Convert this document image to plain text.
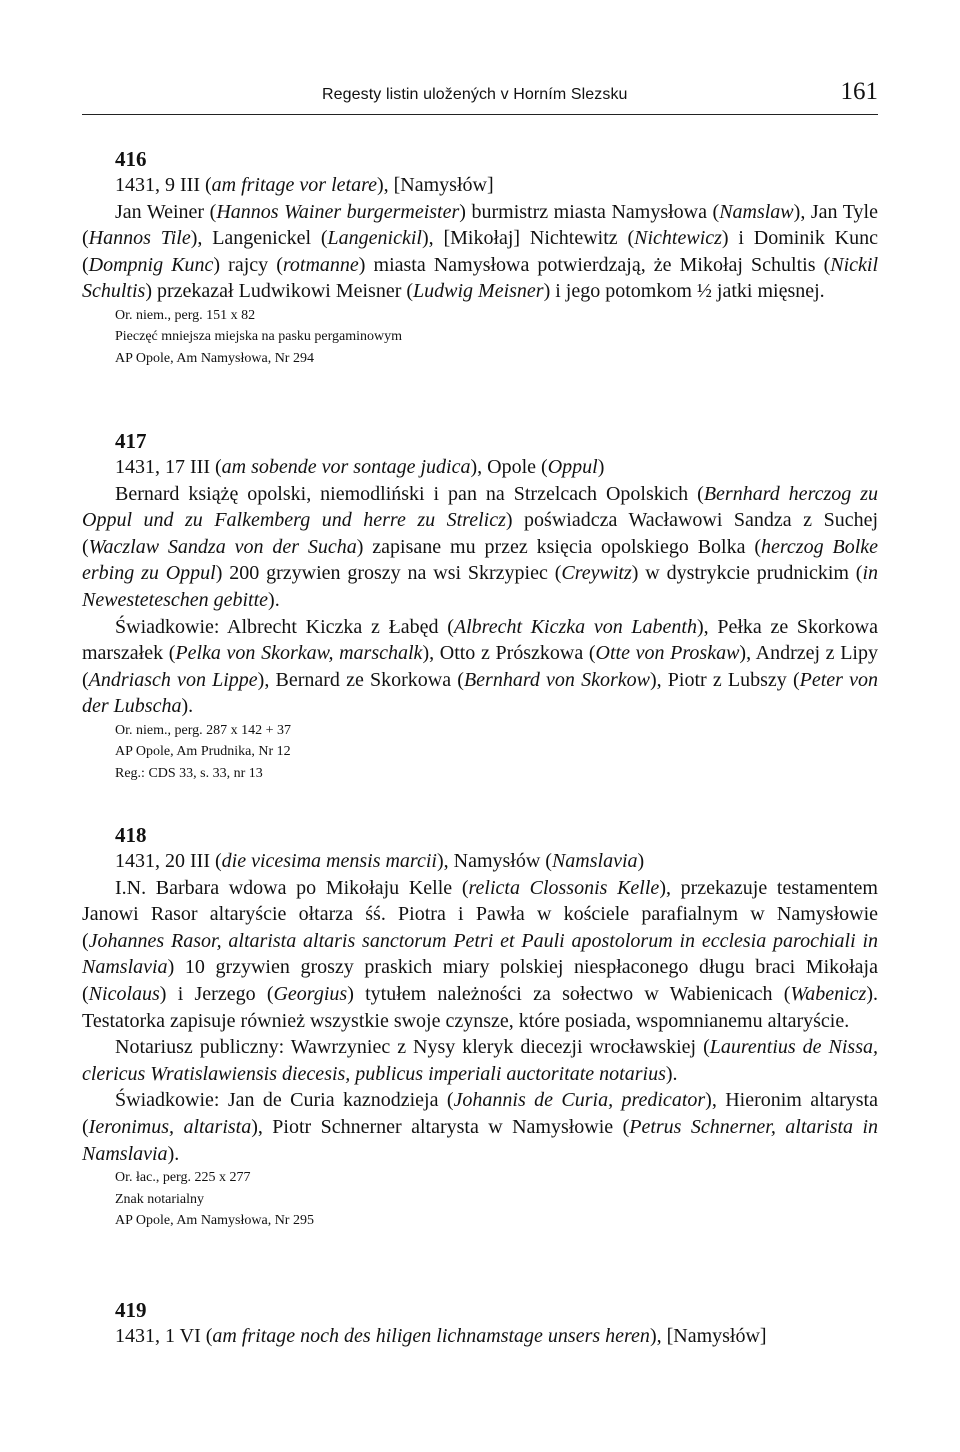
Regesty listin uložených v Horním Slezsku	161
416

1431, 9 III (am fritage vor letare), [Namysłów]

Jan Weiner (Hannos Wainer burgermeister) burmistrz miasta Namysłowa (Namslaw), Jan Tyle (Hannos Tile), Langenickel (Langenickil), [Mikołaj] Nichtewitz (Nichtewicz) i Dominik Kunc (Dompnig Kunc) rajcy (rotmanne) miasta Namysłowa potwierdzają, że Mikołaj Schultis (Nickil Schultis) przekazał Ludwikowi Meisner (Ludwig Meisner) i jego potomkom ½ jatki mięsnej.

Or. niem., perg. 151 x 82
Pieczęć mniejsza miejska na pasku pergaminowym
AP Opole, Am Namysłowa, Nr 294
417

1431, 17 III (am sobende vor sontage judica), Opole (Oppul)

Bernard książę opolski, niemodliński i pan na Strzelcach Opolskich (Bernhard herczog zu Oppul und zu Falkemberg und herre zu Strelicz) poświadcza Wacławowi Sandza z Suchej (Waczlaw Sandza von der Sucha) zapisane mu przez księcia opolskiego Bolka (herczog Bolke erbing zu Oppul) 200 grzywien groszy na wsi Skrzypiec (Creywitz) w dystrykcie prudnickim (in Newesteteschen gebitte).

Świadkowie: Albrecht Kiczka z Łabęd (Albrecht Kiczka von Labenth), Pełka ze Skorkowa marszałek (Pelka von Skorkaw, marschalk), Otto z Prószkowa (Otte von Proskaw), Andrzej z Lipy (Andriasch von Lippe), Bernard ze Skorkowa (Bernhard von Skorkow), Piotr z Lubszy (Peter von der Lubscha).

Or. niem., perg. 287 x 142 + 37
AP Opole, Am Prudnika, Nr 12
Reg.: CDS 33, s. 33, nr 13
418

1431, 20 III (die vicesima mensis marcii), Namysłów (Namslavia)

I.N. Barbara wdowa po Mikołaju Kelle (relicta Clossonis Kelle), przekazuje testamentem Janowi Rasor altaryście ołtarza śś. Piotra i Pawła w kościele parafialnym w Namysłowie (Johannes Rasor, altarista altaris sanctorum Petri et Pauli apostolorum in ecclesia parochiali in Namslavia) 10 grzywien groszy praskich miary polskiej niespłaconego długu braci Mikołaja (Nicolaus) i Jerzego (Georgius) tytułem należności za sołectwo w Wabienicach (Wabenicz). Testatorka zapisuje również wszystkie swoje czynsze, które posiada, wspomnianemu altaryście.

Notariusz publiczny: Wawrzyniec z Nysy kleryk diecezji wrocławskiej (Laurentius de Nissa, clericus Wratislawiensis diecesis, publicus imperiali auctoritate notarius).

Świadkowie: Jan de Curia kaznodzieja (Johannis de Curia, predicator), Hieronim altarysta (Ieronimus, altarista), Piotr Schnerner altarysta w Namysłowie (Petrus Schnerner, altarista in Namslavia).

Or. łac., perg. 225 x 277
Znak notarialny
AP Opole, Am Namysłowa, Nr 295
419

1431, 1 VI (am fritage noch des hiligen lichnamstage unsers heren), [Namysłów]
